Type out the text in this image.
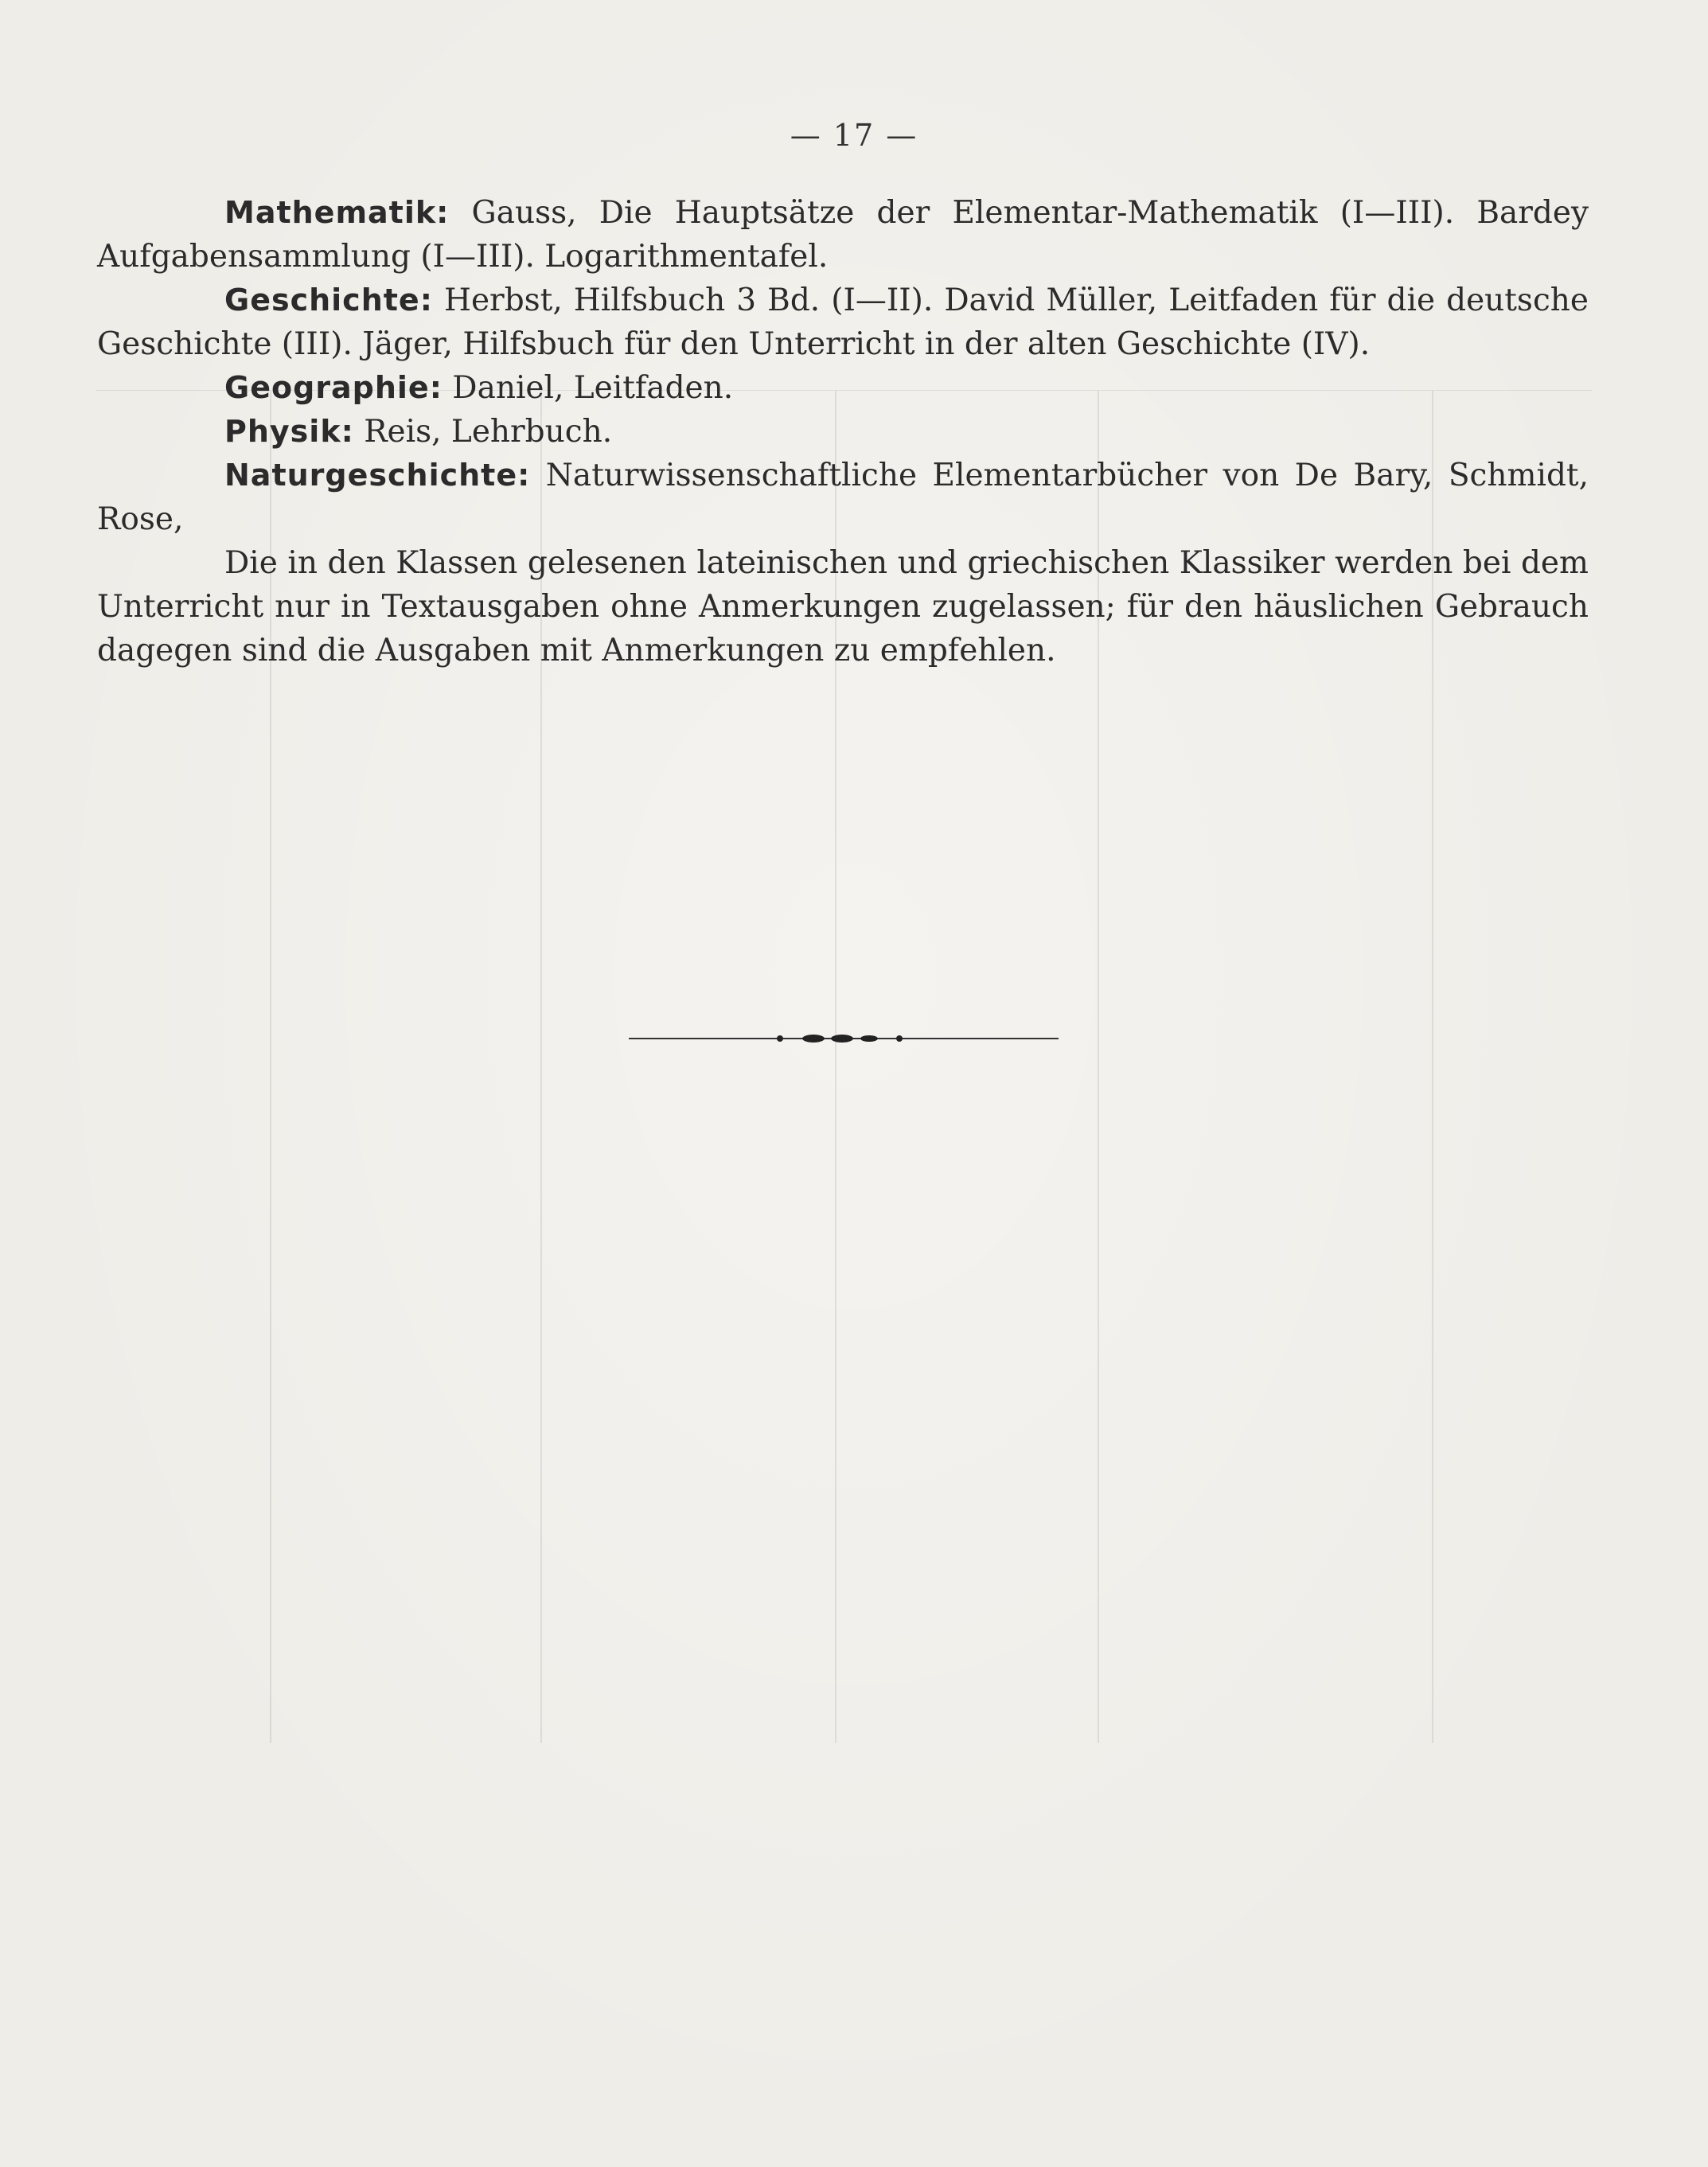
— 17 —

Mathematik: Gauss, Die Hauptsätze der Elementar-Mathematik (I—III). Bardey Aufgabensammlung (I—III). Logarithmentafel.

Geschichte: Herbst, Hilfsbuch 3 Bd. (I—II). David Müller, Leitfaden für die deutsche Geschichte (III). Jäger, Hilfsbuch für den Unterricht in der alten Geschichte (IV).

Geographie: Daniel, Leitfaden.

Physik: Reis, Lehrbuch.

Naturgeschichte: Naturwissenschaftliche Elementarbücher von De Bary, Schmidt, Rose,

Die in den Klassen gelesenen lateinischen und griechischen Klassiker werden bei dem Unterricht nur in Textausgaben ohne Anmerkungen zugelassen; für den häuslichen Gebrauch dagegen sind die Ausgaben mit Anmerkungen zu empfehlen.
